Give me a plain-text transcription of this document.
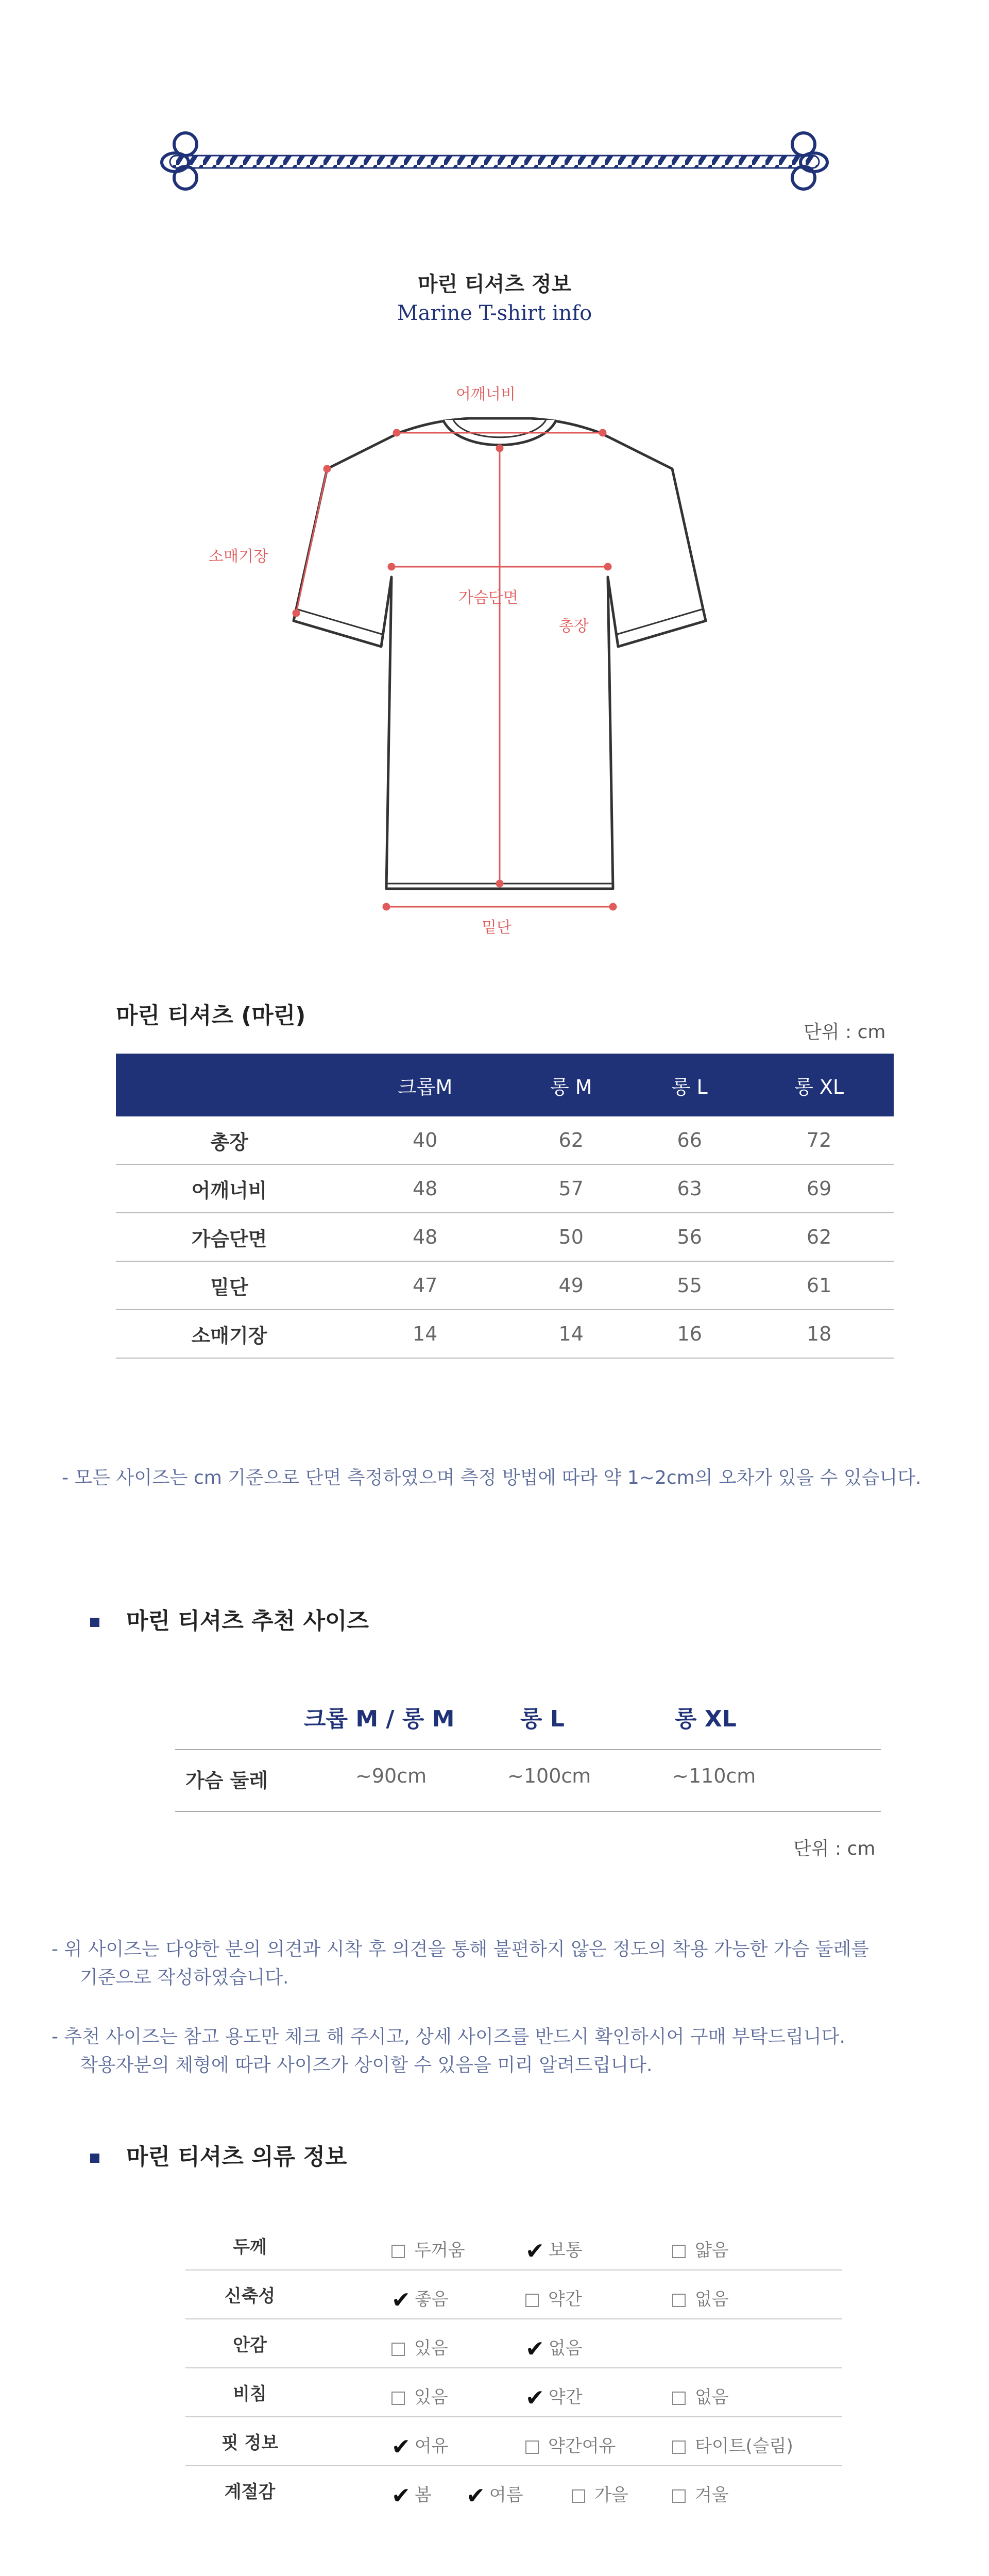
마린 티셔츠 정보
Marine T-shirt info
어깨너비
소매기장
가슴단면
총장
밑단
마린 티셔츠 (마린)
단위 : cm
	크롭M	롱 M	롱 L	롱 XL
총장	40	62	66	72
어깨너비	48	57	63	69
가슴단면	48	50	56	62
밑단	47	49	55	61
소매기장	14	14	16	18
- 모든 사이즈는 cm 기준으로 단면 측정하였으며 측정 방법에 따라 약 1~2cm의 오차가 있을 수 있습니다.
마린 티셔츠 추천 사이즈
크롭 M / 롱 M	롱 L	롱 XL
가슴 둘레	~90cm	~100cm	~110cm
단위 : cm
- 위 사이즈는 다양한 분의 의견과 시착 후 의견을 통해 불편하지 않은 정도의 착용 가능한 가슴 둘레를
기준으로 작성하였습니다.
- 추천 사이즈는 참고 용도만 체크 해 주시고, 상세 사이즈를 반드시 확인하시어 구매 부탁드립니다.
착용자분의 체형에 따라 사이즈가 상이할 수 있음을 미리 알려드립니다.
마린 티셔츠 의류 정보
두께	두꺼움	✔ 보통	얇음
신축성	✔ 좋음	약간	없음
안감	있음	✔ 없음
비침	있음	✔ 약간	없음
핏 정보	✔ 여유	약간여유	타이트(슬림)
계절감	✔ 봄 ✔ 여름	가을	겨울
